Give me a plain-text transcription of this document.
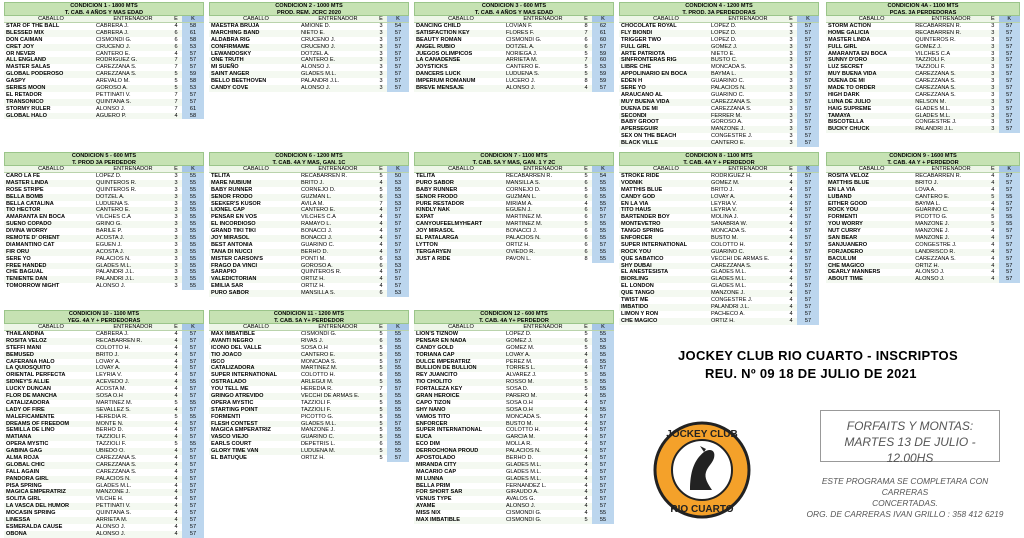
CONDICION 1 - 1800 MTS
T. CAB. 4 AÑOS Y MAS EDAD
CABALLO	ENTRENADOR	E	K
STAR OF THE BALL	CABRERA J.	4	58
BLESSED MIX	CABRERA J.	6	61
DON CAIMAN	CISMONDI G.	6	58
CRET JOY	CRUCENO J.	6	53
OR NEVER	CANTERO E.	4	57
ALL ENGLAND	RODRIGUEZ G.	7	57
MASTER SALAS	CAREZZANA S.	7	57
GLOBAL PODEROSO	CAREZZANA S.	5	59
GASPY	AREVALO M.	5	58
SERIES MOON	GOROSO A.	5	53
EL RETADOR	PETTINATI V.	7	57
TRANSONICO	QUINTANA S.	7	57
STORMY RULER	ALONSO J.	7	61
GLOBAL HALO	AGUERO P.	4	58
CONDICION 2 - 1000 MTS
PROD. REM. JCRC 2020
CABALLO	ENTRENADOR	E	K
MAESTRA BRUJA	AMIONE D.	3	54
MARCHING BAND	NIETO E.	3	57
ALDABRA RIG	CRUCENO J.	3	57
CONFIRMAME	CRUCENO J.	3	57
LEWANDOSKY	DOTZEL A.	3	57
ONE TRUTH	CANTERO E.	3	57
MI SUEÑO	ALONSO J.	3	57
SAINT ANGER	GLADES M.L.	3	57
BELLO BEETHOVEN	PALANDRI J.L.	3	57
CANDY COVE	ALONSO J.	3	57
CONDICION 3 - 600 MTS
T. CAB. 4 AÑOS Y MAS EDAD
CABALLO	ENTRENADOR	E	K
DANCING CHILD	LOVIAN F.	8	62
SATISFACTION KEY	FLORES F.	7	61
BEAUTY ROMAN	CISMONDI G.	6	60
ANGEL RUBIO	DOTZEL A.	6	57
JUEGOS OLIMPICOS	NORIEGA J.	5	59
LA CANADENSE	ARRIETA M.	7	60
JOYSTICKS	CANTERO E.	5	53
DANCERS LUCK	LUDUENA S.	5	59
IMPERIUM ROMANUM	LUCERO J.	8	59
BREVE MENSAJE	ALONSO J.	4	57
CONDICION 4 - 1200 MTS
T. PROD. 3A PERDEDORAS
CABALLO	ENTRENADOR	E	K
CHOCOLATE ROYAL	LOPEZ D.	3	57
FLY BIONDI	LOPEZ D.	3	57
TRIGGER TWO	LOPEZ D.	3	57
FULL GIRL	GOMEZ J.	3	57
ARTE PATRIOTA	NIETO E.	3	57
SINFRONTERAS RIG	BUSTO C.	3	57
LIBRE CHE	MONCADA S.	3	57
APPOLINARIO EN BOCA	BAYMA L.	3	57
EDEN H	GUARINO C.	3	57
SERE YO	PALACIOS N.	3	57
ARAUCANO AL	GUARINO C.	3	57
MUY BUENA VIDA	CAREZZANA S.	3	57
DUENA DE MI	CAREZZANA S.	3	57
SECONDI	FERRER M.	3	57
BABY GROOT	GOROSO A.	3	57
APERSEGUIR	MANZONE J.	3	57
SEX ON THE BEACH	CONGESTRE J.	3	57
BLACK VILLE	CANTERO E.	3	57
CONDICION 4A - 1100 MTS
PCAS. 3A PERDEDORAS
CABALLO	ENTRENADOR	E	K
STORM ACTION	RECABARREN R.	3	57
HOME GALICIA	RECABARREN R.	3	57
MASTER LINDA	QUINTEROS R.	3	57
FULL GIRL	GOMEZ J.	3	57
AMARANTA EN BOCA	VILCHES C.A	3	57
SUNNY D'ORO	TAZZIOLI F.	3	57
LUZ SECRET	TAZZIOLI F.	3	57
MUY BUENA VIDA	CAREZZANA S.	3	57
DUENA DE MI	CAREZZANA S.	3	57
MADE TO ORDER	CAREZZANA S.	3	57
HIGH DARK	CAREZZANA S.	3	57
LUNA DE JULIO	NELSON M.	3	57
HAIG SUPREME	GLADES M.L.	3	57
TAMAYA	GLADES M.L.	3	57
BISCOTELLA	CONGESTRE J.	3	57
BUCKY CHUCK	PALANDRI J.L.	3	57
CONDICION 5 - 600 MTS
T. PROD 3A PERDEDOR
CABALLO	ENTRENADOR	E	K
CARO LA FE	LOPEZ D.	3	55
MASTER LINDA	QUINTEROS R.	3	55
ROSE STRIPE	QUINTEROS R.	3	55
BELLA BOMB	DOTZEL A.	3	55
BELLA CATALINA	LUDUENA S.	3	55
TIO HECTOR	CANTERO E.	3	55
AMARANTA EN BOCA	VILCHES C.A	3	55
SUENO COPADO	GRINO G.	3	55
DIVINA WORRY	BARILE P.	3	55
REMOTE D' ORIENT	ACOSTA J.	3	55
DIAMANTINO CAT	EGUEN J.	3	55
FIR ORU	ACOSTA J.	3	55
SERE YO	PALACIOS N.	3	55
FREE HANDED	GLADES M.L.	3	55
CHE BAGUAL	PALANDRI J.L.	3	55
TENIENTE DAN	PALANDRI J.L.	3	55
TOMORROW NIGHT	ALONSO J.	3	55
CONDICION 6 - 1200 MTS
T. CAB. 4A Y MAS, GAN. 1C
CABALLO	ENTRENADOR	E	K
TELITA	RECABARREN R.	5	50
MARE NUBIUM	BRITO J.	4	53
BABY RUNNER	CORNEJO D.	5	55
SENOR FRODO	GUZMAN L.	6	53
SEEKER'S KUSOR	AVILA M.	7	53
LIONEL CAP	CANTERO E.	4	57
PENSAR EN VOS	VILCHES C.A	4	57
EL INCORDIOSO	RAMAYO L.	4	57
GRAND TIKI TIKI	BONACCI J.	4	57
JOY MIRASOL	BONACCI J.	4	57
BEST ANTONIA	GUARINO C.	4	57
TANA DI NUCCI	BERHO D.	4	57
MISTER CARSON'S	PONTI M.	6	53
FRAGO DA VINCI	GOROSO A.	6	53
SARAPIO	QUINTEROS R.	4	57
VALEDICTORIAN	ORTIZ H.	4	57
EMILIA SAR	ORTIZ H.	4	57
PURO SABOR	MANSILLA S.	6	53
CONDICION 7 - 1100 MTS
T. CAB. 5A Y MAS, GAN. 1 Y 2C
CABALLO	ENTRENADOR	E	K
TELITA	RECABARREN R.	5	54
PURO SABOR	MANSILLA S.	6	55
BABY RUNNER	CORNEJO D.	5	55
SENOR FRODO	GUZMAN L.	6	55
PURE RESTADOR	MIRIAM A.	4	55
KINDLY NAK	EGUEN J.	6	57
EXPAT	MARTINEZ M.	6	57
CANYOUFEELMYHEART	MARTINEZ M.	5	55
JOY MIRASOL	BONACCI J.	6	55
EL PATALARGA	PALACIOS N.	6	55
LYTTON	ORTIZ H.	6	57
TERGARYEN	OVIEDO R.	6	55
JUST A RIDE	PAVON L.	8	55
CONDICION 8 - 1100 MTS
T. CAB. 4A Y + PERDEDOR
CABALLO	ENTRENADOR	E	K
STROKE RIDE	RODRIGUEZ H.	4	57
VODNIK	GOMEZ M.	4	57
MATTHIS BLUE	BRITO J.	4	57
CANDY GOD	LOVAY A.	4	57
EN LA VIA	LEYRIA V.	4	57
TITO HAUS	LEYRIA V.	4	57
BARTENDER BOY	MOLINA J.	4	57
MONTEVETRO	SANABRIA W.	4	57
TANGO SPRING	MONCADA S.	4	57
ENFORCER	BUSTO M.	4	57
SUPER INTERNATIONAL	COLOTTO H.	4	57
ROCK YOU	GUARINO C.	4	57
QUE SABATICO	VECCHI DE ARMAS E.	4	57
SHY DUBAI	CAREZZANA S.	4	57
EL ANESTESISTA	GLADES M.L.	4	57
BIORLING	GLADES M.L.	4	57
EL LONDON	GLADES M.L.	4	57
QUE TANGO	MANZONE J.	4	57
TWIST ME	CONGESTRE J.	4	57
IMBATIDO	PALANDRI J.L.	4	57
LIMON Y RON	PACHECO A.	4	57
CHE MAGICO	ORTIZ H.	4	57
CONDICION 9 - 1600 MTS
T. CAB. 4A Y + PERDEDOR
CABALLO	ENTRENADOR	E	K
ROSITA VELOZ	RECABARREN R.	4	57
MATTHIS BLUE	BRITO J.	4	57
EN LA VIA	LOVA A.	4	57
LUBAND	CANTERO E.	5	55
EITHER GOOD	BAYMA L.	4	57
ROCK YOU	GUARINO C.	4	57
FORMENTI	PICOTTO G.	5	55
YOU WORRY	MANZONE J.	5	55
NUT CURRY	MANZONE J.	4	57
SAN BEAR	MANZONE J.	4	57
SANJUANERO	CONGESTRE J.	4	57
FORJADERO	LANDRISCO R.	4	57
BACULUM	CAREZZANA S.	4	57
CHE MAGICO	ORTIZ H.	4	57
DEARLY MANNERS	ALONSO J.	4	57
ABOUT TIME	ALONSO J.	4	57
CONDICION 10 - 1100 MTS
YEG. 4A Y + PERDEDORAS
CABALLO	ENTRENADOR	E	K
THAILANDINA	CABRERA J.	4	57
ROSITA VELOZ	RECABARREN R.	4	57
STEFFI MANI	COLOTTO H.	4	57
BEMUSED	BRITO J.	4	57
CAFERANA HALO	LOVAY A.	4	57
LA QUIOSQUITO	LOVAY A.	4	57
ORIENTAL PERFECTA	LEYRIA V.	4	57
SIDNEY'S ALLIE	ACEVEDO J.	4	55
LUCKY DUNCAN	ACOSTA M.	4	57
FLOR DE MANCHA	SOSA O.H	4	57
CATALIZADORA	MARTINEZ M.	5	55
LADY OF FIRE	SEVALLEZ S.	4	57
MALEFICAMENTE	HEREDIA R.	5	55
DREAMS OF FREEDOM	MONTE N.	4	57
SEMILLA DE LINO	BERHO D.	4	57
MATIANA	TAZZIOLI F.	4	57
OPERA MYSTIC	TAZZIOLI F.	5	55
GABINA GAG	UBIEDO O.	4	57
ALMA ROJA	CAREZZANA S.	4	57
GLOBAL CHIC	CAREZZANA S.	4	57
FALL AGAIN	CAREZZANA S.	4	57
PANDORA GIRL	PALACIOS N.	4	57
PISA SPRING	GLADES M.L.	4	57
MAGICA EMPERATRIZ	MANZONE J.	4	57
SOLITA GIRL	VILCHE H.	4	57
LA VASCA DEL HUMOR	PETTINATI V.	4	57
MOCASIN SPRING	QUINTANA S.	4	57
LINESSA	ARRIETA M.	4	57
ESMERALDA CAUSE	ALONSO J.	4	57
OBONA	ALONSO J.	4	57
CONDICION 11 - 1200 MTS
T. CAB. 5A Y+ PERDEDOR
CABALLO	ENTRENADOR	E	K
MAX IMBATIBLE	CISMONDI G.	5	55
AVANTI NEGRO	RIVAS J.	6	55
ICONO DEL VALLE	SOSA O.H	5	55
TIO JOACO	CANTERO E.	5	55
ISCO	MONCADA S.	5	57
CATALIZADORA	MARTINEZ M.	5	55
SUPER INTERNATIONAL	COLOTTO H.	6	55
OSTRALADO	ARLEGUI M.	5	55
YOU TELL ME	HEREDIA R.	7	57
GRINGO ATREVIDO	VECCHI DE ARMAS E.	5	55
OPERA MYSTIC	TAZZIOLI F.	5	55
STARTING POINT	TAZZIOLI F.	5	55
FORMENTI	PICOTTO G.	5	55
FLESH CONTEST	GLADES M.L.	5	57
MAGICA EMPERATRIZ	MANZONE J.	5	55
VASCO VIEJO	GUARINO C.	5	55
EARLS COURT	DEPETRIS L.	6	55
GLORY TIME VAN	LUDUENA M.	5	55
EL BATUQUE	ORTIZ H.	5	57
CONDICION 12 - 600 MTS
T. CAB. 4A Y+ PERDEDOR
CABALLO	ENTRENADOR	E	K
LION'S TIZNOW	LOPEZ D.	5	55
PENSAR EN NADA	GOMEZ J.	6	53
CANDY GOLD	GOMEZ M.	5	55
TORIANA CAP	LOVAY A.	4	55
DULCE IMPERATRIZ	PEREZ M.	6	55
BULLION DE BULLION	TORRES L.	4	57
REY JUANCITO	ALVAREZ J.	5	55
TIO CHOLITO	ROSSO M.	5	55
FORTALEZA KEY	SOSA D.	5	55
GRAN HEROICE	PARERO M.	4	55
CAPO TIZON	SOSA O.H	4	57
SHY NANO	SOSA O.H	4	55
VAMOS TITO	MONCADA S.	4	57
ENFORCER	BUSTO M.	4	57
SUPER INTERNATIONAL	COLOTTO H.	4	57
EUCA	GARCIA M.	4	57
ECO DIM	MOLLA R.	4	57
DERROCHONA PROUD	PALACIOS N.	4	57
APOSTOLADO	BERHO D.	4	57
MIRANDA CITY	GLADES M.L.	4	57
MACARIO CAP	GLADES M.L.	4	57
MI LUNNA	GLADES M.L.	4	57
BELLA PRIM	FERNANDEZ L.	4	57
FOR SHORT SAR	GIRAUDO A.	4	57
VENUS TYPE	AVALOS G.	4	57
AYAME	ALONSO J.	4	57
MISS NIX	CISMONDI G.	4	55
MAX IMBATIBLE	CISMONDI G.	5	55
JOCKEY CLUB RIO CUARTO - INSCRIPTOS
REU. Nº 09 18 DE JULIO DE 2021
JOCKEY CLUB
RIO CUARTO
FORFAITS Y MONTAS:
MARTES 13 DE JULIO - 12.00HS
ESTE PROGRAMA SE COMPLETARA CON CARRERAS
CONCERTADAS.
ORG. DE CARRERAS IVAN GRILLO : 358 412 6219
